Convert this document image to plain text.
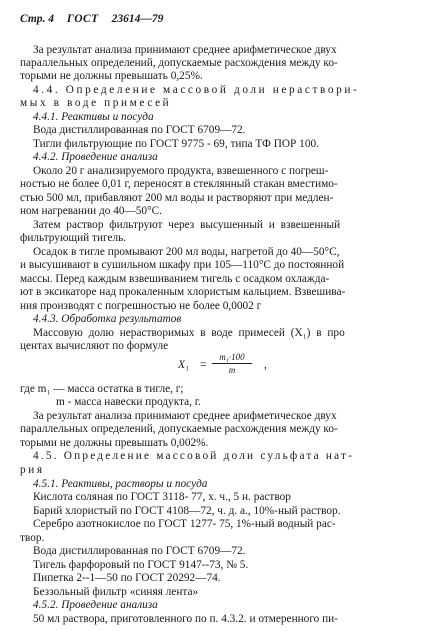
Стр. 4 ГОСТ 23614—79
За результат анализа принимают среднее арифметическое двух
параллельных определений, допускаемые расхождения между ко-
торыми не должны превышать 0,25%.
4.4. Определение массовой доли нераствори-
мых в воде примесей
4.4.1. Реактивы и посуда
Вода дистиллированная по ГОСТ 6709—72.
Тигли фильтрующие по ГОСТ 9775 - 69, типа ТФ ПОР 100.
4.4.2. Проведение анализа
Около 20 г анализируемого продукта, взвешенного с погреш-
ностью не более 0,01 г, переносят в стеклянный стакан вместимо-
стью 500 мл, прибавляют 200 мл воды и растворяют при медлен-
ном нагревании до 40—50°С.
Затем раствор фильтруют через высушенный и взвешенный
фильтрующий тигель.
Осадок в тигле промывают 200 мл воды, нагретой до 40—50°С,
и высушивают в сушильном шкафу при 105—110°С до постоянной
массы. Перед каждым взвешиванием тигель с осадком охлаждa-
ют в эксикаторе над прокаленным хлористым кальцием. Взвешива-
ния производят с погрешностью не более 0,0002 г
4.4.3. Обработка результатов
Массовую долю нерастворимых в воде примесей (X₁) в про
центах вычисляют по формуле
$X_1 = \frac{\text{m₁·100}}{m}$ ,
где m₁ — масса остатка в тигле, г;
m - масса навески продукта, г.
За результат анализа принимают среднее арифметическое двух
параллельных определений, допускаемые расхождения между ко-
торыми не должны превышать 0,002%.
4.5. Определение массовой доли сульфата нат-
рия
4.5.1. Реактивы, растворы и посуда
Кислота соляная по ГОСТ 3118- 77, х. ч., 5 н. раствор
Барий хлористый по ГОСТ 4108—72, ч. д. а., 10%-ный раствор.
Серебро азотнокислое по ГОСТ 1277- 75, 1%-ный водный рас-
твор.
Вода дистиллированная по ГОСТ 6709—72.
Тигель фарфоровый по ГОСТ 9147--73, № 5.
Пипетка 2--1—50 по ГОСТ 20292—74.
Беззольный фильтр «синяя лента»
4.5.2. Проведение анализа
50 мл раствора, приготовленного по п. 4.3.2. и отмеренного пи-
